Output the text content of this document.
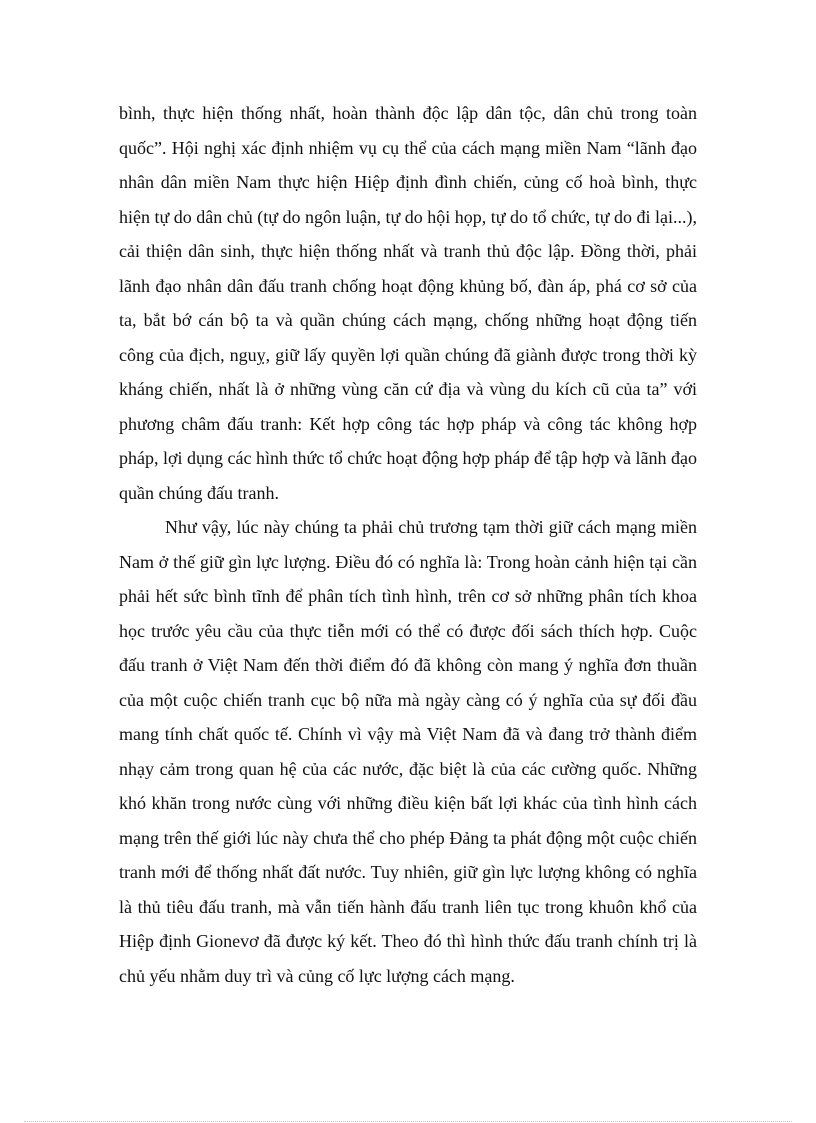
bình, thực hiện thống nhất, hoàn thành độc lập dân tộc, dân chủ trong toàn quốc”. Hội nghị xác định nhiệm vụ cụ thể của cách mạng miền Nam “lãnh đạo nhân dân miền Nam thực hiện Hiệp định đình chiến, củng cố hoà bình, thực hiện tự do dân chủ (tự do ngôn luận, tự do hội họp, tự do tổ chức, tự do đi lại...), cải thiện dân sinh, thực hiện thống nhất và tranh thủ độc lập. Đồng thời, phải lãnh đạo nhân dân đấu tranh chống hoạt động khủng bố, đàn áp, phá cơ sở của ta, bắt bớ cán bộ ta và quần chúng cách mạng, chống những hoạt động tiến công của địch, nguỵ, giữ lấy quyền lợi quần chúng đã giành được trong thời kỳ kháng chiến, nhất là ở những vùng căn cứ địa và vùng du kích cũ của ta” với phương châm đấu tranh: Kết hợp công tác hợp pháp và công tác không hợp pháp, lợi dụng các hình thức tổ chức hoạt động hợp pháp để tập hợp và lãnh đạo quần chúng đấu tranh.

Như vậy, lúc này chúng ta phải chủ trương tạm thời giữ cách mạng miền Nam ở thế giữ gìn lực lượng. Điều đó có nghĩa là: Trong hoàn cảnh hiện tại cần phải hết sức bình tĩnh để phân tích tình hình, trên cơ sở những phân tích khoa học trước yêu cầu của thực tiễn mới có thể có được đối sách thích hợp. Cuộc đấu tranh ở Việt Nam đến thời điểm đó đã không còn mang ý nghĩa đơn thuần của một cuộc chiến tranh cục bộ nữa mà ngày càng có ý nghĩa của sự đối đầu mang tính chất quốc tế. Chính vì vậy mà Việt Nam đã và đang trở thành điểm nhạy cảm trong quan hệ của các nước, đặc biệt là của các cường quốc. Những khó khăn trong nước cùng với những điều kiện bất lợi khác của tình hình cách mạng trên thế giới lúc này chưa thể cho phép Đảng ta phát động một cuộc chiến tranh mới để thống nhất đất nước. Tuy nhiên, giữ gìn lực lượng không có nghĩa là thủ tiêu đấu tranh, mà vẫn tiến hành đấu tranh liên tục trong khuôn khổ của Hiệp định Gionevơ đã được ký kết. Theo đó thì hình thức đấu tranh chính trị là chủ yếu nhằm duy trì và củng cố lực lượng cách mạng.
